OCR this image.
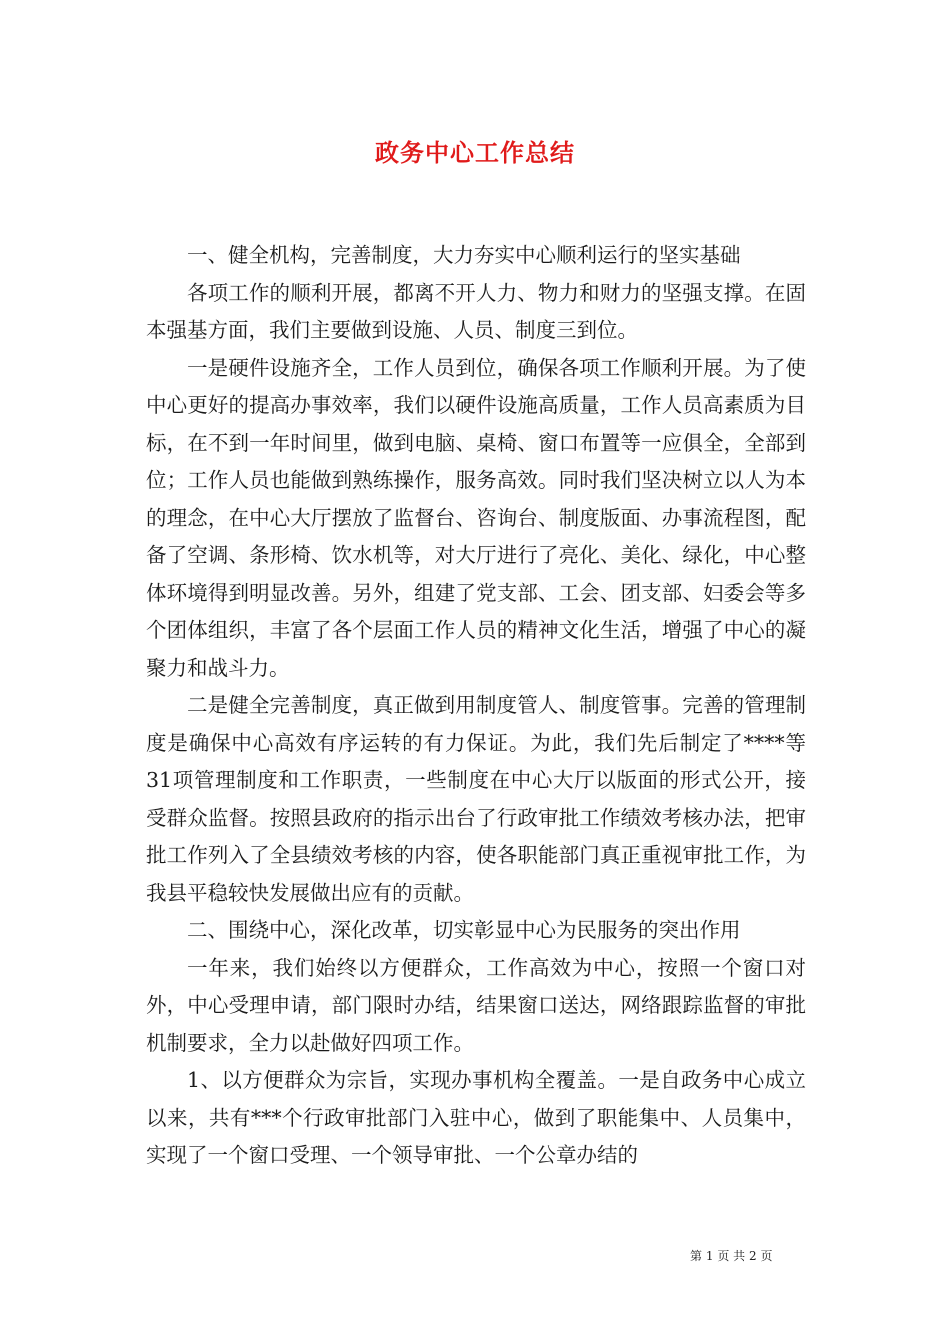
政务中心工作总结

一、健全机构，完善制度，大力夯实中心顺利运行的坚实基础

各项工作的顺利开展，都离不开人力、物力和财力的坚强支撑。在固本强基方面，我们主要做到设施、人员、制度三到位。

一是硬件设施齐全，工作人员到位，确保各项工作顺利开展。为了使中心更好的提高办事效率，我们以硬件设施高质量，工作人员高素质为目标，在不到一年时间里，做到电脑、桌椅、窗口布置等一应俱全，全部到位；工作人员也能做到熟练操作，服务高效。同时我们坚决树立以人为本的理念，在中心大厅摆放了监督台、咨询台、制度版面、办事流程图，配备了空调、条形椅、饮水机等，对大厅进行了亮化、美化、绿化，中心整体环境得到明显改善。另外，组建了党支部、工会、团支部、妇委会等多个团体组织，丰富了各个层面工作人员的精神文化生活，增强了中心的凝聚力和战斗力。

二是健全完善制度，真正做到用制度管人、制度管事。完善的管理制度是确保中心高效有序运转的有力保证。为此，我们先后制定了****等31项管理制度和工作职责，一些制度在中心大厅以版面的形式公开，接受群众监督。按照县政府的指示出台了行政审批工作绩效考核办法，把审批工作列入了全县绩效考核的内容，使各职能部门真正重视审批工作，为我县平稳较快发展做出应有的贡献。

二、围绕中心，深化改革，切实彰显中心为民服务的突出作用

一年来，我们始终以方便群众，工作高效为中心，按照一个窗口对外，中心受理申请，部门限时办结，结果窗口送达，网络跟踪监督的审批机制要求，全力以赴做好四项工作。

1、以方便群众为宗旨，实现办事机构全覆盖。一是自政务中心成立以来，共有***个行政审批部门入驻中心，做到了职能集中、人员集中，实现了一个窗口受理、一个领导审批、一个公章办结的

第 1 页 共 2 页
